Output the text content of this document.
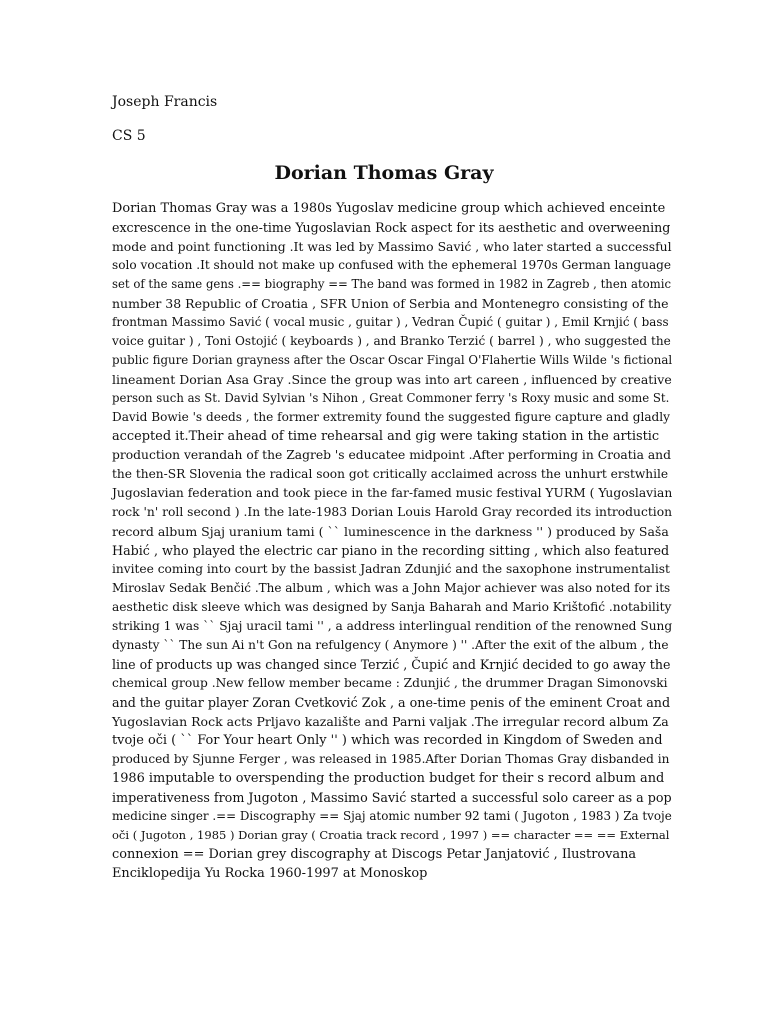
Joseph Francis
CS 5
Dorian Thomas Gray
Dorian Thomas Gray was a 1980s Yugoslav medicine group which achieved enceinte
excrescence in the one-time Yugoslavian Rock aspect for its aesthetic and overweening
mode and point functioning .It was led by Massimo Savić , who later started a successful
solo vocation .It should not make up confused with the ephemeral 1970s German language
set of the same gens .== biography == The band was formed in 1982 in Zagreb , then atomic
number 38 Republic of Croatia , SFR Union of Serbia and Montenegro consisting of the
frontman Massimo Savić ( vocal music , guitar ) , Vedran Čupić ( guitar ) , Emil Krnjić ( bass
voice guitar ) , Toni Ostojić ( keyboards ) , and Branko Terzić ( barrel ) , who suggested the
public figure Dorian grayness after the Oscar Oscar Fingal O'Flahertie Wills Wilde 's fictional
lineament Dorian Asa Gray .Since the group was into art careen , influenced by creative
person such as St. David Sylvian 's Nihon , Great Commoner ferry 's Roxy music and some St.
David Bowie 's deeds , the former extremity found the suggested figure capture and gladly
accepted it.Their ahead of time rehearsal and gig were taking station in the artistic
production verandah of the Zagreb 's educatee midpoint .After performing in Croatia and
the then-SR Slovenia the radical soon got critically acclaimed across the unhurt erstwhile
Jugoslavian federation and took piece in the far-famed music festival YURM ( Yugoslavian
rock 'n' roll second ) .In the late-1983 Dorian Louis Harold Gray recorded its introduction
record album Sjaj uranium tami ( `` luminescence in the darkness '' ) produced by Saša
Habić , who played the electric car piano in the recording sitting , which also featured
invitee coming into court by the bassist Jadran Zdunjić and the saxophone instrumentalist
Miroslav Sedak Benčić .The album , which was a John Major achiever was also noted for its
aesthetic disk sleeve which was designed by Sanja Baharah and Mario Krištofić .notability
striking 1 was `` Sjaj uracil tami '' , a address interlingual rendition of the renowned Sung
dynasty `` The sun Ai n't Gon na refulgency ( Anymore ) '' .After the exit of the album , the
line of products up was changed since Terzić , Čupić and Krnjić decided to go away the
chemical group .New fellow member became : Zdunjić , the drummer Dragan Simonovski
and the guitar player Zoran Cvetković Zok , a one-time penis of the eminent Croat and
Yugoslavian Rock acts Prljavo kazalište and Parni valjak .The irregular record album Za
tvoje oči ( `` For Your heart Only '' ) which was recorded in Kingdom of Sweden and
produced by Sjunne Ferger , was released in 1985.After Dorian Thomas Gray disbanded in
1986 imputable to overspending the production budget for their s record album and
imperativeness from Jugoton , Massimo Savić started a successful solo career as a pop
medicine singer .== Discography == Sjaj atomic number 92 tami ( Jugoton , 1983 ) Za tvoje
oči ( Jugoton , 1985 ) Dorian gray ( Croatia track record , 1997 ) == character == == External
connexion == Dorian grey discography at Discogs Petar Janjatović , Ilustrovana
Enciklopedija Yu Rocka 1960-1997 at Monoskop
